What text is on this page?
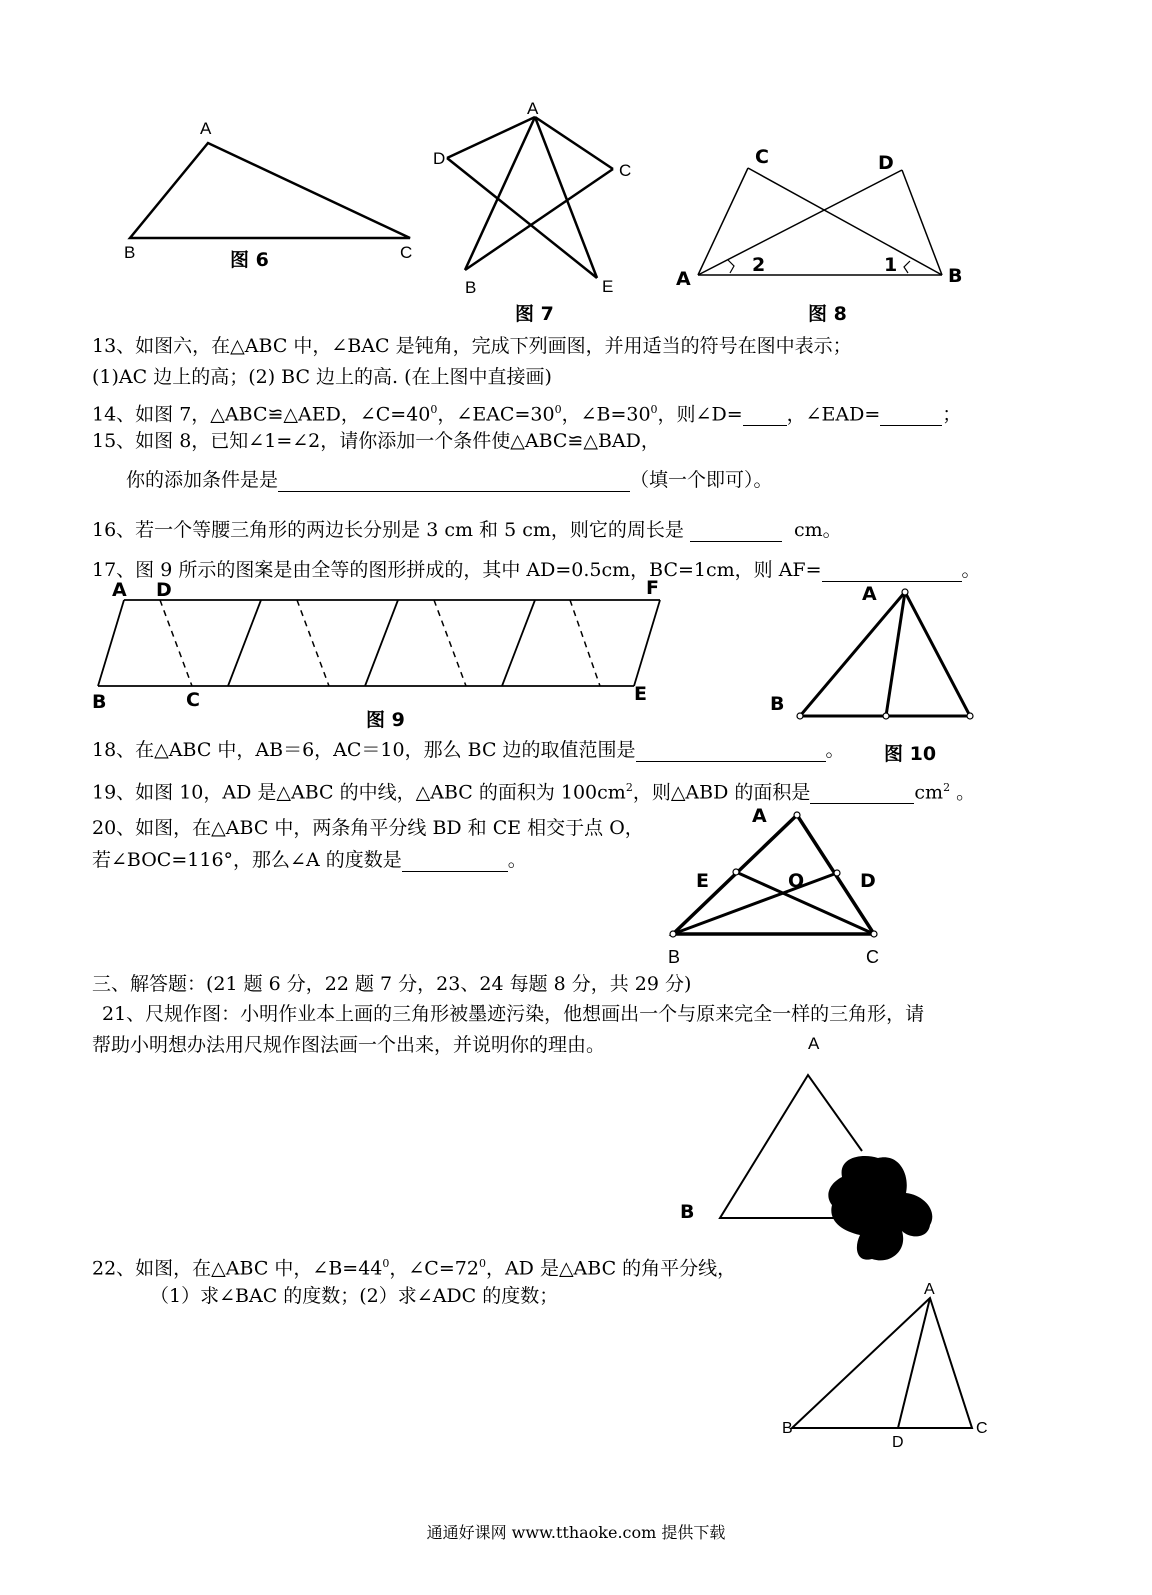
A
B	C
图 6
A
D
C
B	E
图 7
C	D
A	B
2	1
图 8
13、如图六，在△ABC 中，∠BAC 是钝角，完成下列画图，并用适当的符号在图中表示；
(1)AC 边上的高；(2) BC 边上的高. (在上图中直接画)
14、如图 7，△ABC≌△AED，$\angle C=40^0$，$\angle EAC=30^0$，$\angle B=30^0$，则∠D= ，∠EAD=	；
15、如图 8，已知∠1=∠2，请你添加一个条件使△ABC≌△BAD，
你的添加条件是是	（填一个即可）。
16、若一个等腰三角形的两边长分别是 3 cm 和 5 cm，则它的周长是	cm。
17、图 9 所示的图案是由全等的图形拼成的，其中 AD=0.5cm，BC=1cm，则 AF=	。
A D	F
B	C	E
图 9
A
B
图 10
18、在△ABC 中，AB＝6，AC＝10，那么 BC 边的取值范围是	。
19、如图 10，AD 是△ABC 的中线，△ABC 的面积为 $100cm^2$，则△ABD 的面积是	$cm^2$ 。
20、如图，在△ABC 中，两条角平分线 BD 和 CE 相交于点 O，
若∠BOC=116°，那么∠A 的度数是	。
A
E	O	D
B	C
三、解答题：(21 题 6 分，22 题 7 分，23、24 每题 8 分，共 29 分)
21、尺规作图：小明作业本上画的三角形被墨迹污染，他想画出一个与原来完全一样的三角形，请
帮助小明想办法用尺规作图法画一个出来，并说明你的理由。	A
B
22、如图，在△ABC 中，$\angle B=44^0$，$\angle C=72^0$，AD 是△ABC 的角平分线，
（1）求∠BAC 的度数；(2）求∠ADC 的度数；	A
B	C
D
通通好课网 www.tthaoke.com 提供下载
